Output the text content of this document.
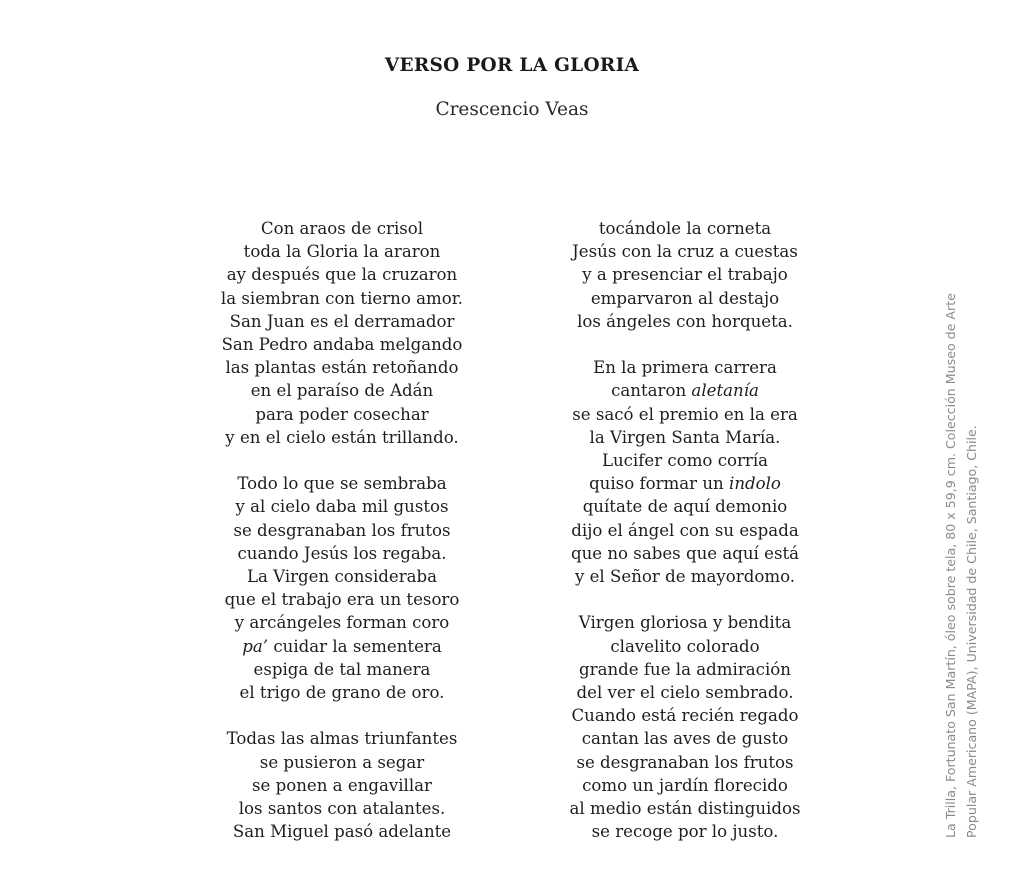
VERSO POR LA GLORIA
Crescencio Veas
Con araos de crisol
toda la Gloria la araron
ay después que la cruzaron
la siembran con tierno amor.
San Juan es el derramador
San Pedro andaba melgando
las plantas están retoñando
en el paraíso de Adán
para poder cosechar
y en el cielo están trillando.
Todo lo que se sembraba
y al cielo daba mil gustos
se desgranaban los frutos
cuando Jesús los regaba.
La Virgen consideraba
que el trabajo era un tesoro
y arcángeles forman coro
pa’ cuidar la sementera
espiga de tal manera
el trigo de grano de oro.
Todas las almas triunfantes
se pusieron a segar
se ponen a engavillar
los santos con atalantes.
San Miguel pasó adelante
tocándole la corneta
Jesús con la cruz a cuestas
y a presenciar el trabajo
emparvaron al destajo
los ángeles con horqueta.
En la primera carrera
cantaron aletanía
se sacó el premio en la era
la Virgen Santa María.
Lucifer como corría
quiso formar un indolo
quítate de aquí demonio
dijo el ángel con su espada
que no sabes que aquí está
y el Señor de mayordomo.
Virgen gloriosa y bendita
clavelito colorado
grande fue la admiración
del ver el cielo sembrado.
Cuando está recién regado
cantan las aves de gusto
se desgranaban los frutos
como un jardín florecido
al medio están distinguidos
se recoge por lo justo.	La Trilla, Fortunato San Martín, óleo sobre tela, 80 x 59,9 cm. Colección Museo de Arte Popular Americano (MAPA), Universidad de Chile, Santiago, Chile.
